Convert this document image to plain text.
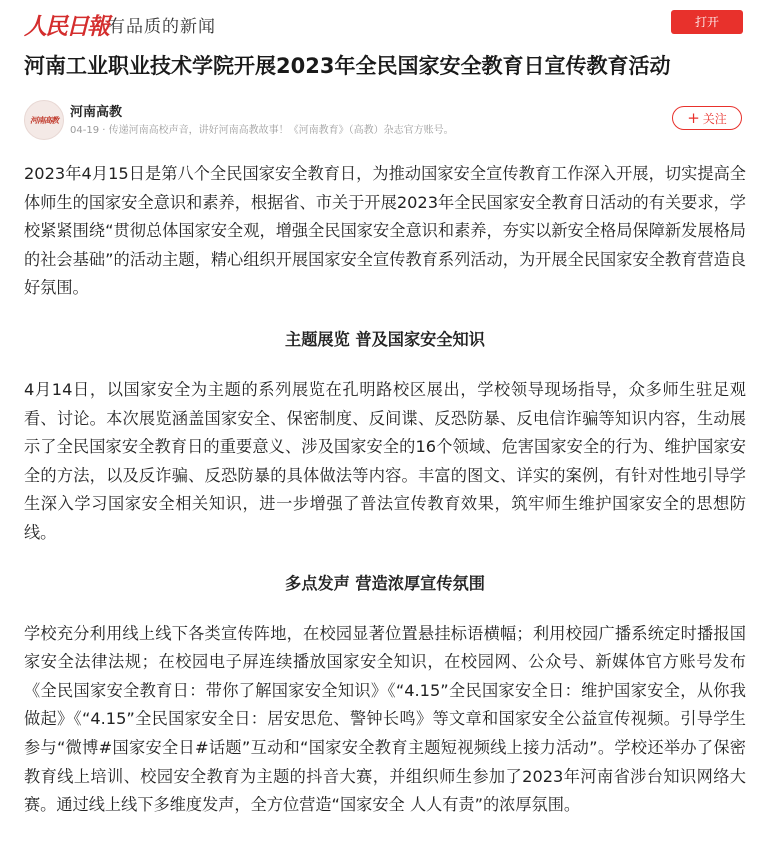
人民日報 有品质的新闻	打开
河南工业职业技术学院开展2023年全民国家安全教育日宣传教育活动
河南高教 河南高教
04-19 · 传递河南高校声音，讲好河南高教故事！《河南教育》（高教）杂志官方账号。
+ 关注

2023年4月15日是第八个全民国家安全教育日，为推动国家安全宣传教育工作深入开展，切实提高全体师生的国家安全意识和素养，根据省、市关于开展2023年全民国家安全教育日活动的有关要求，学校紧紧围绕“贯彻总体国家安全观，增强全民国家安全意识和素养，夯实以新安全格局保障新发展格局的社会基础”的活动主题，精心组织开展国家安全宣传教育系列活动，为开展全民国家安全教育营造良好氛围。

主题展览 普及国家安全知识

4月14日，以国家安全为主题的系列展览在孔明路校区展出，学校领导现场指导，众多师生驻足观看、讨论。本次展览涵盖国家安全、保密制度、反间谍、反恐防暴、反电信诈骗等知识内容，生动展示了全民国家安全教育日的重要意义、涉及国家安全的16个领域、危害国家安全的行为、维护国家安全的方法，以及反诈骗、反恐防暴的具体做法等内容。丰富的图文、详实的案例，有针对性地引导学生深入学习国家安全相关知识，进一步增强了普法宣传教育效果，筑牢师生维护国家安全的思想防线。

多点发声 营造浓厚宣传氛围

学校充分利用线上线下各类宣传阵地，在校园显著位置悬挂标语横幅；利用校园广播系统定时播报国家安全法律法规；在校园电子屏连续播放国家安全知识，在校园网、公众号、新媒体官方账号发布《全民国家安全教育日：带你了解国家安全知识》《“4.15”全民国家安全日：维护国家安全，从你我做起》《“4.15”全民国家安全日：居安思危、警钟长鸣》等文章和国家安全公益宣传视频。引导学生参与“微博#国家安全日#话题”互动和“国家安全教育主题短视频线上接力活动”。学校还举办了保密教育线上培训、校园安全教育为主题的抖音大赛，并组织师生参加了2023年河南省涉台知识网络大赛。通过线上线下多维度发声，全方位营造“国家安全 人人有责”的浓厚氛围。
